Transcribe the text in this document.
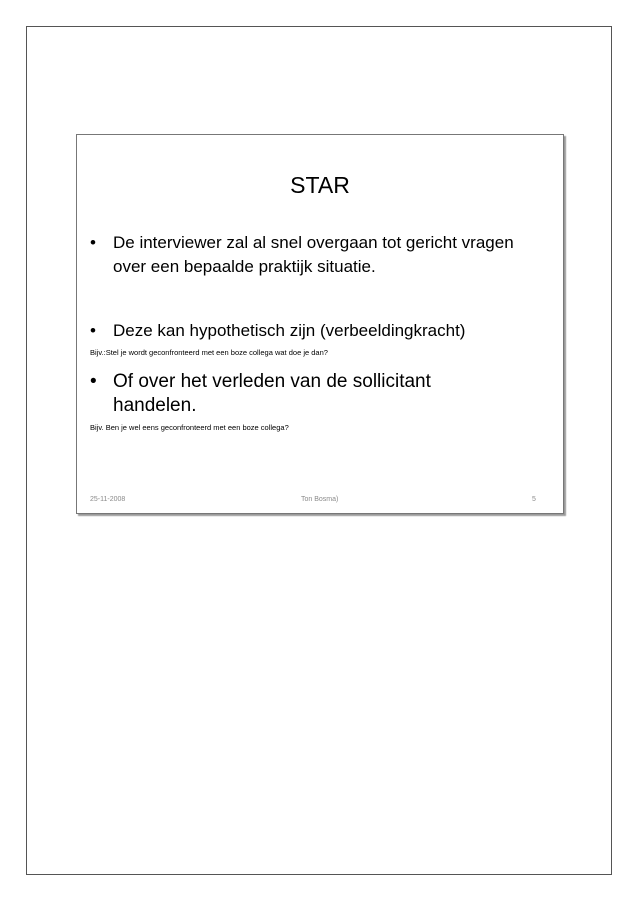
STAR
•	De interviewer zal al snel overgaan tot gericht vragen over een bepaalde praktijk situatie.
•	Deze kan hypothetisch zijn (verbeeldingkracht)
Bijv.:Stel je wordt geconfronteerd met een boze collega wat doe je dan?
• Of over het verleden van de sollicitant handelen.
Bijv. Ben je wel eens geconfronteerd met een boze collega?
25-11-2008	Ton Bosma)	5
